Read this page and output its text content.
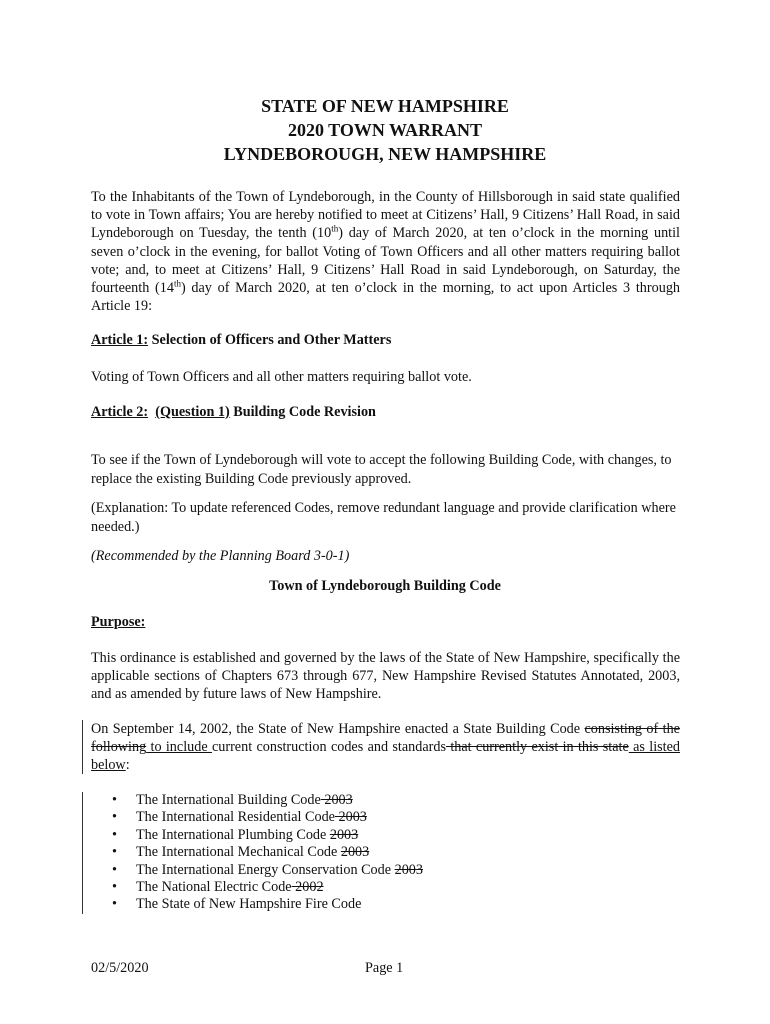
STATE OF NEW HAMPSHIRE
2020 TOWN WARRANT
LYNDEBOROUGH, NEW HAMPSHIRE
To the Inhabitants of the Town of Lyndeborough, in the County of Hillsborough in said state qualified to vote in Town affairs; You are hereby notified to meet at Citizens’ Hall, 9 Citizens’ Hall Road, in said Lyndeborough on Tuesday, the tenth (10th) day of March 2020, at ten o’clock in the morning until seven o’clock in the evening, for ballot Voting of Town Officers and all other matters requiring ballot vote; and, to meet at Citizens’ Hall, 9 Citizens’ Hall Road in said Lyndeborough, on Saturday, the fourteenth (14th) day of March 2020, at ten o’clock in the morning, to act upon Articles 3 through Article 19:
Article 1: Selection of Officers and Other Matters
Voting of Town Officers and all other matters requiring ballot vote.
Article 2: (Question 1) Building Code Revision
To see if the Town of Lyndeborough will vote to accept the following Building Code, with changes, to replace the existing Building Code previously approved.
(Explanation: To update referenced Codes, remove redundant language and provide clarification where needed.)
(Recommended by the Planning Board 3-0-1)
Town of Lyndeborough Building Code
Purpose:
This ordinance is established and governed by the laws of the State of New Hampshire, specifically the applicable sections of Chapters 673 through 677, New Hampshire Revised Statutes Annotated, 2003, and as amended by future laws of New Hampshire.
On September 14, 2002, the State of New Hampshire enacted a State Building Code consisting of the following to include current construction codes and standards that currently exist in this state as listed below:
• The International Building Code 2003
• The International Residential Code 2003
• The International Plumbing Code 2003
• The International Mechanical Code 2003
• The International Energy Conservation Code 2003
• The National Electric Code 2002
• The State of New Hampshire Fire Code
02/5/2020	Page 1
